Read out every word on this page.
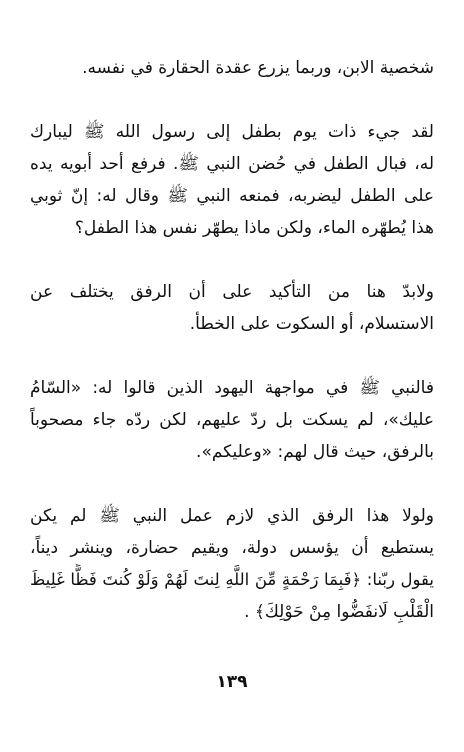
شخصية الابن، وربما يزرع عقدة الحقارة في نفسه.
لقد جيء ذات يوم بطفل إلى رسول الله ﷺ ليبارك
له، فبال الطفل في حُضن النبي ﷺ. فرفع أحد أبويه يده
على الطفل ليضربه، فمنعه النبي ﷺ وقال له: إنّ ثوبي
هذا يُطهّره الماء، ولكن ماذا يطهّر نفس هذا الطفل؟
ولابدّ هنا من التأكيد على أن الرفق يختلف عن
الاستسلام، أو السكوت على الخطأ.
فالنبي ﷺ في مواجهة اليهود الذين قالوا له: «السّامُ
عليك»، لم يسكت بل ردّ عليهم، لكن ردّه جاء مصحوباً
بالرفق، حيث قال لهم: «وعليكم».
ولولا هذا الرفق الذي لازم عمل النبي ﷺ لم يكن
يستطيع أن يؤسس دولة، ويقيم حضارة، وينشر ديناً،
يقول ربّنا: ﴿فَبِمَا رَحْمَةٍ مِّنَ اللَّهِ لِنتَ لَهُمْ وَلَوْ كُنتَ فَظًّا غَلِيظَ
الْقَلْبِ لَانفَضُّوا مِنْ حَوْلِكَ﴾ .
١٣٩
